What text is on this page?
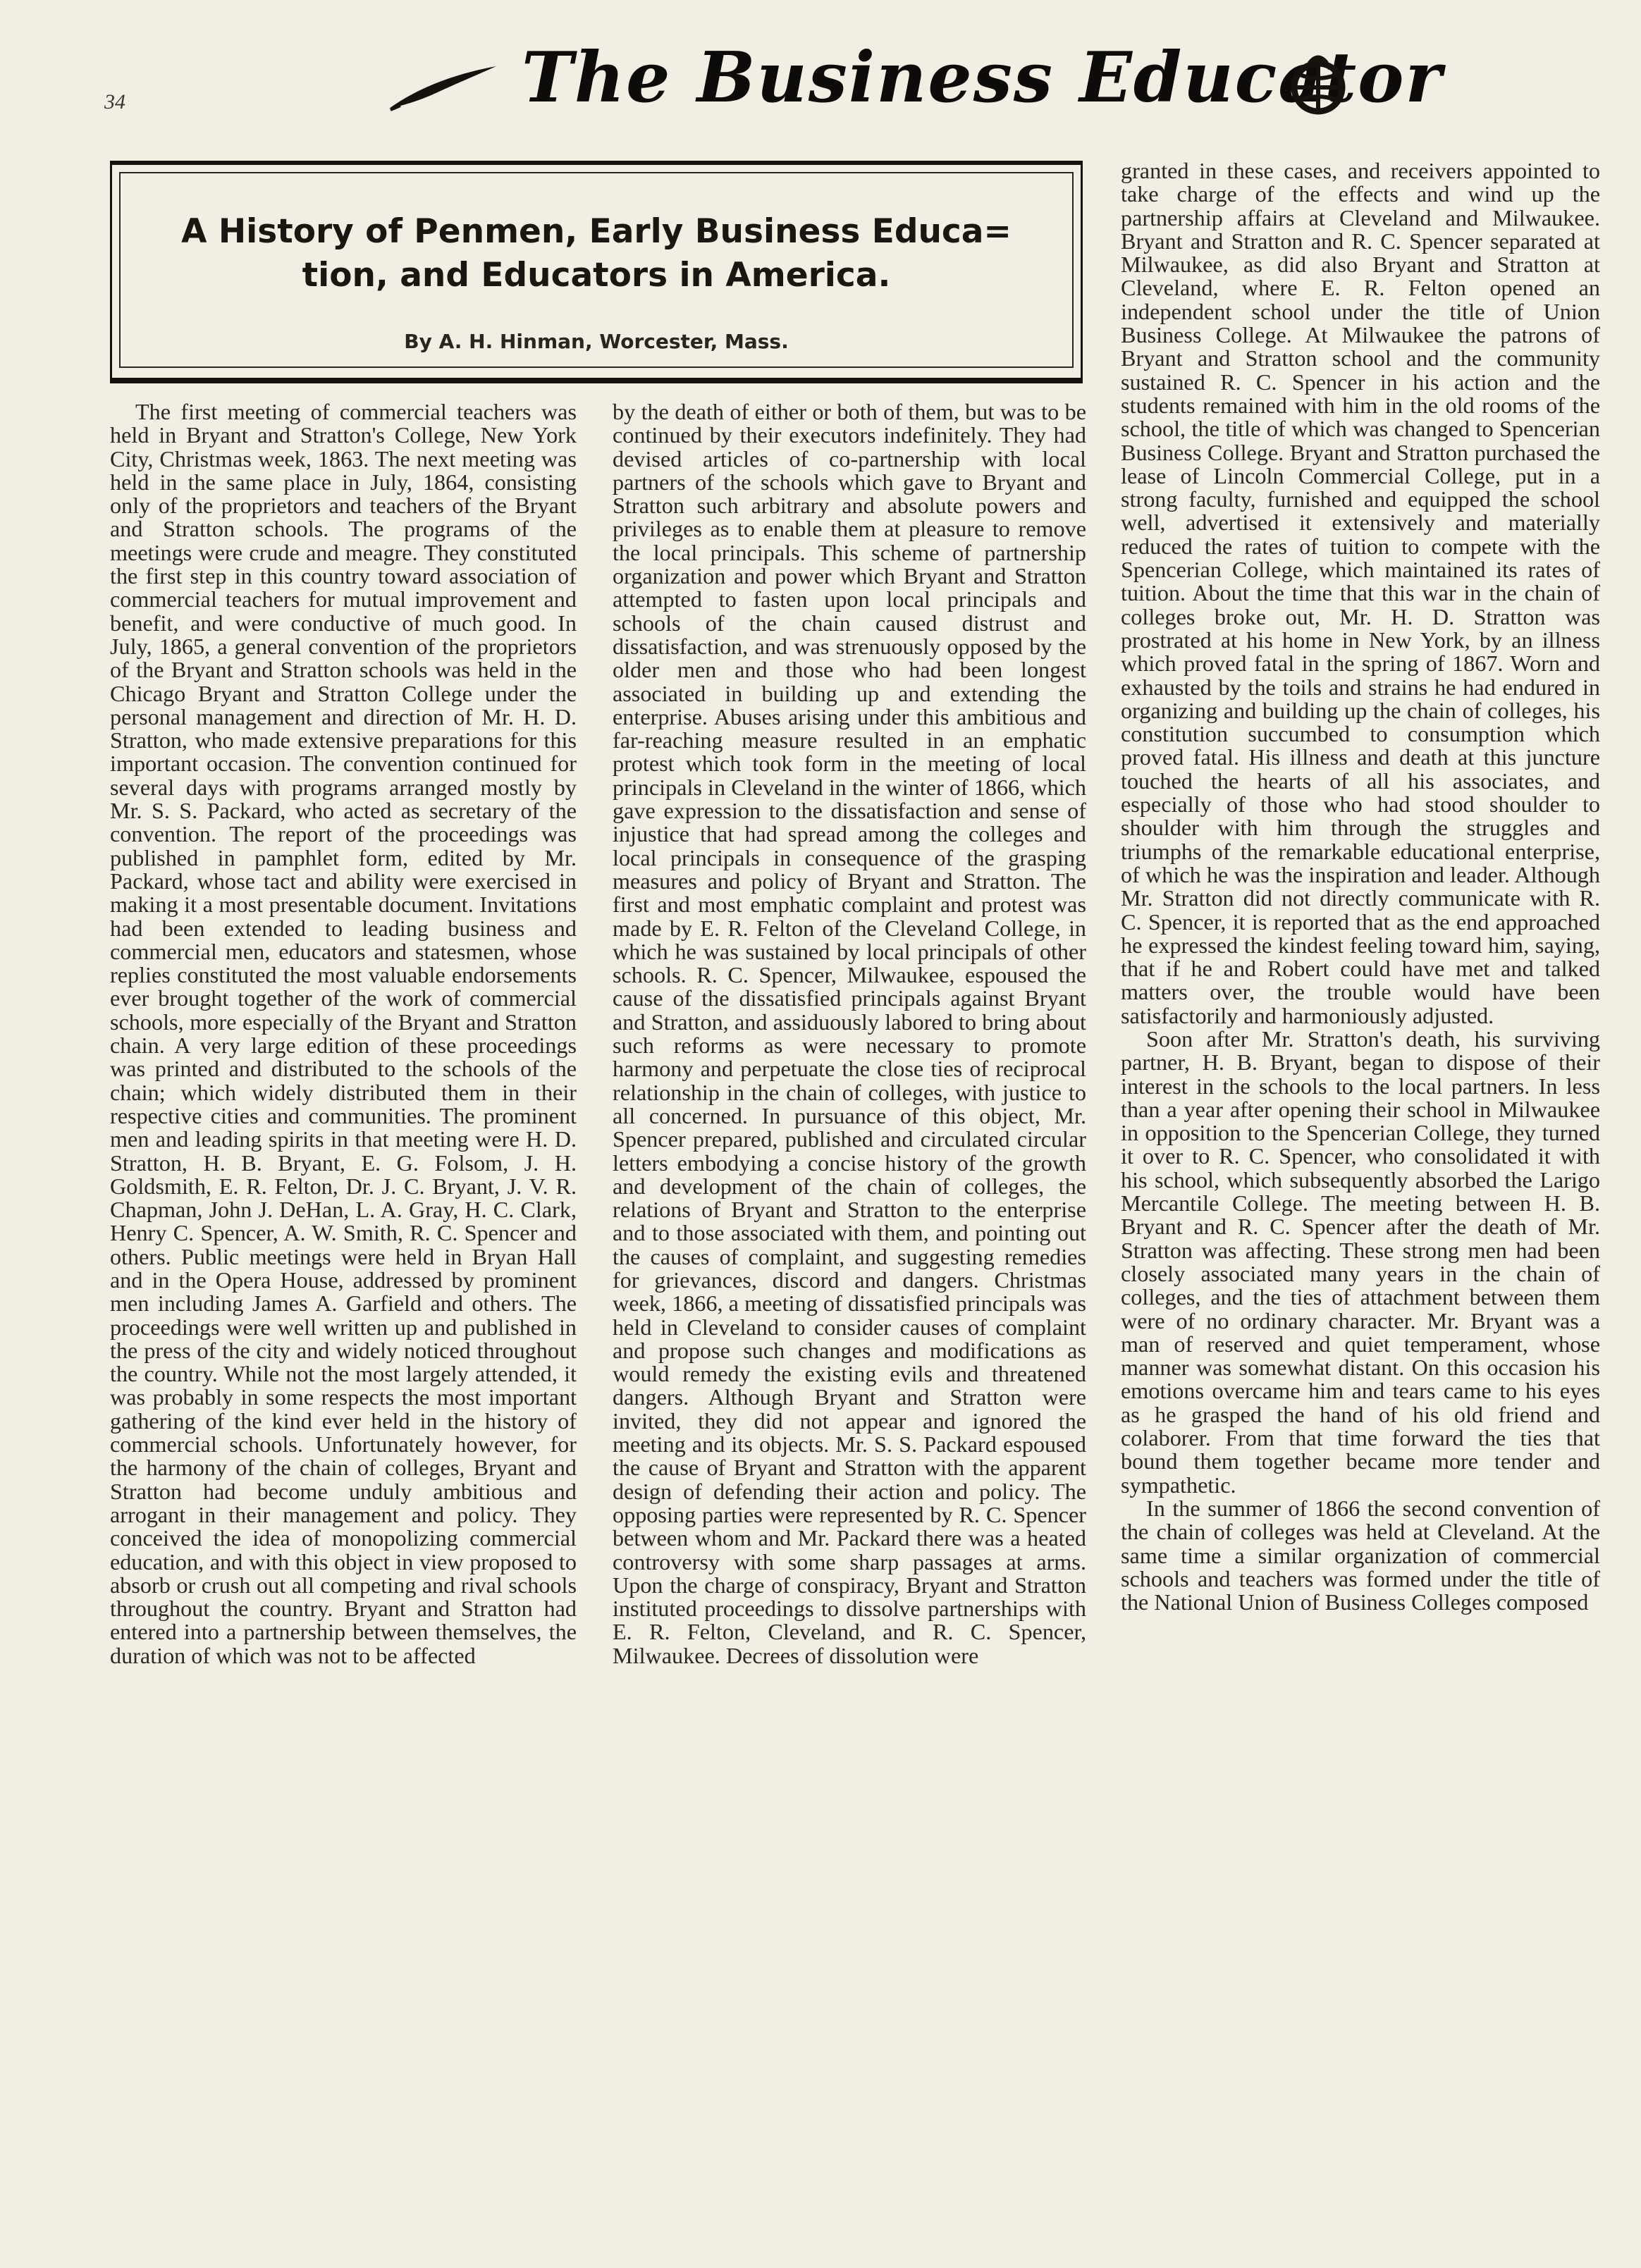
34	The Business Educator
A History of Penmen, Early Business Educa=
tion, and Educators in America.
By A. H. Hinman, Worcester, Mass.

The first meeting of commercial teachers was held in Bryant and Stratton's College, New York City, Christmas week, 1863. The next meeting was held in the same place in July, 1864, consisting only of the proprietors and teachers of the Bryant and Stratton schools. The programs of the meetings were crude and meagre. They constituted the first step in this country toward association of commercial teachers for mutual improvement and benefit, and were conductive of much good. In July, 1865, a general convention of the proprietors of the Bryant and Stratton schools was held in the Chicago Bryant and Stratton College under the personal management and direction of Mr. H. D. Stratton, who made extensive preparations for this important occasion. The convention continued for several days with programs arranged mostly by Mr. S. S. Packard, who acted as secretary of the convention. The report of the proceedings was published in pamphlet form, edited by Mr. Packard, whose tact and ability were exercised in making it a most presentable document. Invitations had been extended to leading business and commercial men, educators and statesmen, whose replies constituted the most valuable endorsements ever brought together of the work of commercial schools, more especially of the Bryant and Stratton chain. A very large edition of these proceedings was printed and distributed to the schools of the chain; which widely distributed them in their respective cities and communities. The prominent men and leading spirits in that meeting were H. D. Stratton, H. B. Bryant, E. G. Folsom, J. H. Goldsmith, E. R. Felton, Dr. J. C. Bryant, J. V. R. Chapman, John J. DeHan, L. A. Gray, H. C. Clark, Henry C. Spencer, A. W. Smith, R. C. Spencer and others. Public meetings were held in Bryan Hall and in the Opera House, addressed by prominent men including James A. Garfield and others. The proceedings were well written up and published in the press of the city and widely noticed throughout the country. While not the most largely attended, it was probably in some respects the most important gathering of the kind ever held in the history of commercial schools. Unfortunately however, for the harmony of the chain of colleges, Bryant and Stratton had become unduly ambitious and arrogant in their management and policy. They conceived the idea of monopolizing commercial education, and with this object in view proposed to absorb or crush out all competing and rival schools throughout the country. Bryant and Stratton had entered into a partnership between themselves, the duration of which was not to be affected

by the death of either or both of them, but was to be continued by their executors indefinitely. They had devised articles of co-partnership with local partners of the schools which gave to Bryant and Stratton such arbitrary and absolute powers and privileges as to enable them at pleasure to remove the local principals. This scheme of partnership organization and power which Bryant and Stratton attempted to fasten upon local principals and schools of the chain caused distrust and dissatisfaction, and was strenuously opposed by the older men and those who had been longest associated in building up and extending the enterprise. Abuses arising under this ambitious and far-reaching measure resulted in an emphatic protest which took form in the meeting of local principals in Cleveland in the winter of 1866, which gave expression to the dissatisfaction and sense of injustice that had spread among the colleges and local principals in consequence of the grasping measures and policy of Bryant and Stratton. The first and most emphatic complaint and protest was made by E. R. Felton of the Cleveland College, in which he was sustained by local principals of other schools. R. C. Spencer, Milwaukee, espoused the cause of the dissatisfied principals against Bryant and Stratton, and assiduously labored to bring about such reforms as were necessary to promote harmony and perpetuate the close ties of reciprocal relationship in the chain of colleges, with justice to all concerned. In pursuance of this object, Mr. Spencer prepared, published and circulated circular letters embodying a concise history of the growth and development of the chain of colleges, the relations of Bryant and Stratton to the enterprise and to those associated with them, and pointing out the causes of complaint, and suggesting remedies for grievances, discord and dangers. Christmas week, 1866, a meeting of dissatisfied principals was held in Cleveland to consider causes of complaint and propose such changes and modifications as would remedy the existing evils and threatened dangers. Although Bryant and Stratton were invited, they did not appear and ignored the meeting and its objects. Mr. S. S. Packard espoused the cause of Bryant and Stratton with the apparent design of defending their action and policy. The opposing parties were represented by R. C. Spencer between whom and Mr. Packard there was a heated controversy with some sharp passages at arms. Upon the charge of conspiracy, Bryant and Stratton instituted proceedings to dissolve partnerships with E. R. Felton, Cleveland, and R. C. Spencer, Milwaukee. Decrees of dissolution were

granted in these cases, and receivers appointed to take charge of the effects and wind up the partnership affairs at Cleveland and Milwaukee. Bryant and Stratton and R. C. Spencer separated at Milwaukee, as did also Bryant and Stratton at Cleveland, where E. R. Felton opened an independent school under the title of Union Business College. At Milwaukee the patrons of Bryant and Stratton school and the community sustained R. C. Spencer in his action and the students remained with him in the old rooms of the school, the title of which was changed to Spencerian Business College. Bryant and Stratton purchased the lease of Lincoln Commercial College, put in a strong faculty, furnished and equipped the school well, advertised it extensively and materially reduced the rates of tuition to compete with the Spencerian College, which maintained its rates of tuition. About the time that this war in the chain of colleges broke out, Mr. H. D. Stratton was prostrated at his home in New York, by an illness which proved fatal in the spring of 1867. Worn and exhausted by the toils and strains he had endured in organizing and building up the chain of colleges, his constitution succumbed to consumption which proved fatal. His illness and death at this juncture touched the hearts of all his associates, and especially of those who had stood shoulder to shoulder with him through the struggles and triumphs of the remarkable educational enterprise, of which he was the inspiration and leader. Although Mr. Stratton did not directly communicate with R. C. Spencer, it is reported that as the end approached he expressed the kindest feeling toward him, saying, that if he and Robert could have met and talked matters over, the trouble would have been satisfactorily and harmoniously adjusted.

Soon after Mr. Stratton's death, his surviving partner, H. B. Bryant, began to dispose of their interest in the schools to the local partners. In less than a year after opening their school in Milwaukee in opposition to the Spencerian College, they turned it over to R. C. Spencer, who consolidated it with his school, which subsequently absorbed the Larigo Mercantile College. The meeting between H. B. Bryant and R. C. Spencer after the death of Mr. Stratton was affecting. These strong men had been closely associated many years in the chain of colleges, and the ties of attachment between them were of no ordinary character. Mr. Bryant was a man of reserved and quiet temperament, whose manner was somewhat distant. On this occasion his emotions overcame him and tears came to his eyes as he grasped the hand of his old friend and colaborer. From that time forward the ties that bound them together became more tender and sympathetic.

In the summer of 1866 the second convention of the chain of colleges was held at Cleveland. At the same time a similar organization of commercial schools and teachers was formed under the title of the National Union of Business Colleges composed
